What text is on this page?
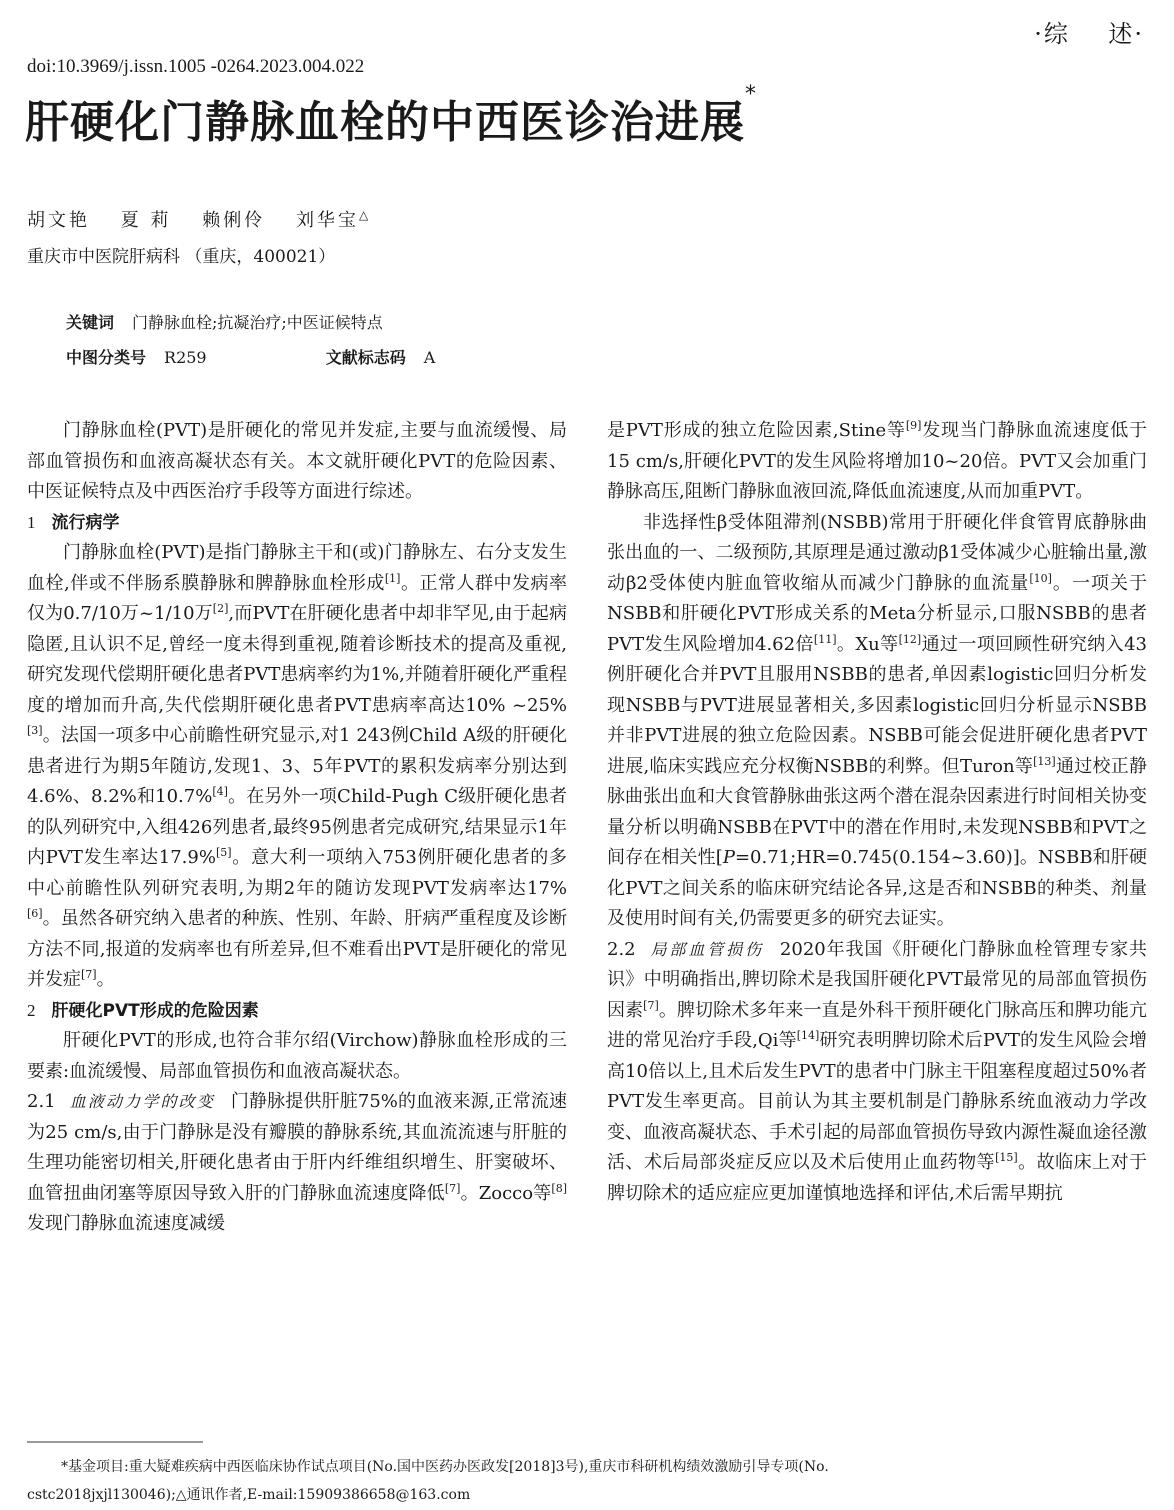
·综    述·
doi:10.3969/j.issn.1005 -0264.2023.004.022
肝硬化门静脉血栓的中西医诊治进展*
胡文艳 夏 莉 赖俐伶 刘华宝△
重庆市中医院肝病科 （重庆，400021）
关键词 门静脉血栓;抗凝治疗;中医证候特点
中图分类号 R259	文献标志码 A

门静脉血栓(PVT)是肝硬化的常见并发症,主要与血流缓慢、局部血管损伤和血液高凝状态有关。本文就肝硬化PVT的危险因素、中医证候特点及中西医治疗手段等方面进行综述。

1 流行病学

门静脉血栓(PVT)是指门静脉主干和(或)门静脉左、右分支发生血栓,伴或不伴肠系膜静脉和脾静脉血栓形成[1]。正常人群中发病率仅为0.7/10万~1/10万[2],而PVT在肝硬化患者中却非罕见,由于起病隐匿,且认识不足,曾经一度未得到重视,随着诊断技术的提高及重视,研究发现代偿期肝硬化患者PVT患病率约为1%,并随着肝硬化严重程度的增加而升高,失代偿期肝硬化患者PVT患病率高达10% ~25%[3]。法国一项多中心前瞻性研究显示,对1 243例Child A级的肝硬化患者进行为期5年随访,发现1、3、5年PVT的累积发病率分别达到4.6%、8.2%和10.7%[4]。在另外一项Child-Pugh C级肝硬化患者的队列研究中,入组426列患者,最终95例患者完成研究,结果显示1年内PVT发生率达17.9%[5]。意大利一项纳入753例肝硬化患者的多中心前瞻性队列研究表明,为期2年的随访发现PVT发病率达17%[6]。虽然各研究纳入患者的种族、性别、年龄、肝病严重程度及诊断方法不同,报道的发病率也有所差异,但不难看出PVT是肝硬化的常见并发症[7]。

2 肝硬化PVT形成的危险因素

肝硬化PVT的形成,也符合菲尔绍(Virchow)静脉血栓形成的三要素:血流缓慢、局部血管损伤和血液高凝状态。

2.1 血液动力学的改变 门静脉提供肝脏75%的血液来源,正常流速为25 cm/s,由于门静脉是没有瓣膜的静脉系统,其血流流速与肝脏的生理功能密切相关,肝硬化患者由于肝内纤维组织增生、肝窦破坏、血管扭曲闭塞等原因导致入肝的门静脉血流速度降低[7]。Zocco等[8]发现门静脉血流速度减缓

是PVT形成的独立危险因素,Stine等[9]发现当门静脉血流速度低于15 cm/s,肝硬化PVT的发生风险将增加10~20倍。PVT又会加重门静脉高压,阻断门静脉血液回流,降低血流速度,从而加重PVT。

非选择性β受体阻滞剂(NSBB)常用于肝硬化伴食管胃底静脉曲张出血的一、二级预防,其原理是通过激动β1受体减少心脏输出量,激动β2受体使内脏血管收缩从而减少门静脉的血流量[10]。一项关于NSBB和肝硬化PVT形成关系的Meta分析显示,口服NSBB的患者PVT发生风险增加4.62倍[11]。Xu等[12]通过一项回顾性研究纳入43例肝硬化合并PVT且服用NSBB的患者,单因素logistic回归分析发现NSBB与PVT进展显著相关,多因素logistic回归分析显示NSBB并非PVT进展的独立危险因素。NSBB可能会促进肝硬化患者PVT进展,临床实践应充分权衡NSBB的利弊。但Turon等[13]通过校正静脉曲张出血和大食管静脉曲张这两个潜在混杂因素进行时间相关协变量分析以明确NSBB在PVT中的潜在作用时,未发现NSBB和PVT之间存在相关性[P=0.71;HR=0.745(0.154~3.60)]。NSBB和肝硬化PVT之间关系的临床研究结论各异,这是否和NSBB的种类、剂量及使用时间有关,仍需要更多的研究去证实。

2.2 局部血管损伤 2020年我国《肝硬化门静脉血栓管理专家共识》中明确指出,脾切除术是我国肝硬化PVT最常见的局部血管损伤因素[7]。脾切除术多年来一直是外科干预肝硬化门脉高压和脾功能亢进的常见治疗手段,Qi等[14]研究表明脾切除术后PVT的发生风险会增高10倍以上,且术后发生PVT的患者中门脉主干阻塞程度超过50%者PVT发生率更高。目前认为其主要机制是门静脉系统血液动力学改变、血液高凝状态、手术引起的局部血管损伤导致内源性凝血途径激活、术后局部炎症反应以及术后使用止血药物等[15]。故临床上对于脾切除术的适应症应更加谨慎地选择和评估,术后需早期抗

*基金项目:重大疑难疾病中西医临床协作试点项目(No.国中医药办医政发[2018]3号),重庆市科研机构绩效激励引导专项(No.
cstc2018jxjl130046);△通讯作者,E-mail:15909386658@163.com
